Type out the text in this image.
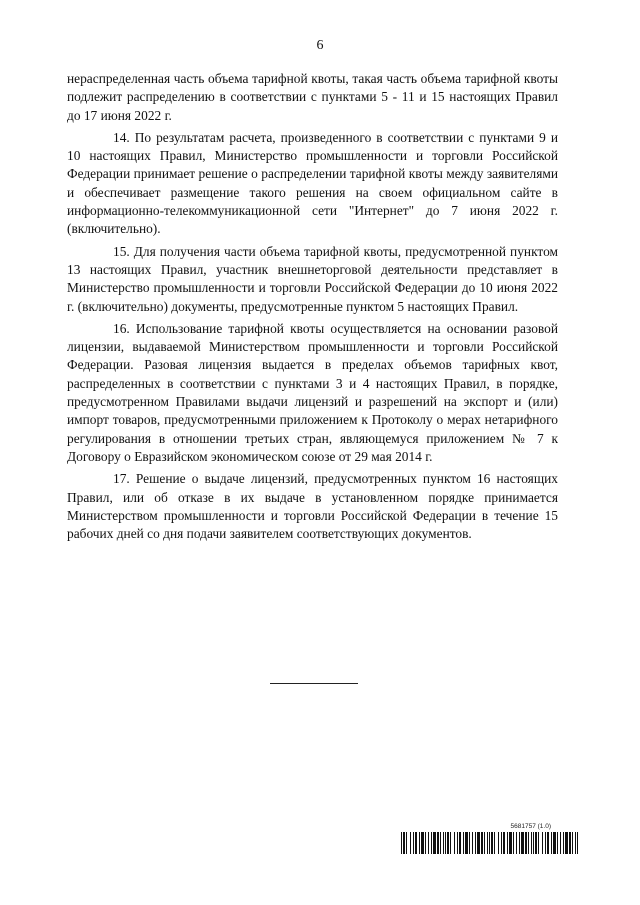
6

нераспределенная часть объема тарифной квоты, такая часть объема тарифной квоты подлежит распределению в соответствии с пунктами 5 - 11 и 15 настоящих Правил до 17 июня 2022 г.

14. По результатам расчета, произведенного в соответствии с пунктами 9 и 10 настоящих Правил, Министерство промышленности и торговли Российской Федерации принимает решение о распределении тарифной квоты между заявителями и обеспечивает размещение такого решения на своем официальном сайте в информационно-телекоммуникационной сети "Интернет" до 7 июня 2022 г. (включительно).

15. Для получения части объема тарифной квоты, предусмотренной пунктом 13 настоящих Правил, участник внешнеторговой деятельности представляет в Министерство промышленности и торговли Российской Федерации до 10 июня 2022 г. (включительно) документы, предусмотренные пунктом 5 настоящих Правил.

16. Использование тарифной квоты осуществляется на основании разовой лицензии, выдаваемой Министерством промышленности и торговли Российской Федерации. Разовая лицензия выдается в пределах объемов тарифных квот, распределенных в соответствии с пунктами 3 и 4 настоящих Правил, в порядке, предусмотренном Правилами выдачи лицензий и разрешений на экспорт и (или) импорт товаров, предусмотренными приложением к Протоколу о мерах нетарифного регулирования в отношении третьих стран, являющемуся приложением № 7 к Договору о Евразийском экономическом союзе от 29 мая 2014 г.

17. Решение о выдаче лицензий, предусмотренных пунктом 16 настоящих Правил, или об отказе в их выдаче в установленном порядке принимается Министерством промышленности и торговли Российской Федерации в течение 15 рабочих дней со дня подачи заявителем соответствующих документов.

5681757 (1.0)
